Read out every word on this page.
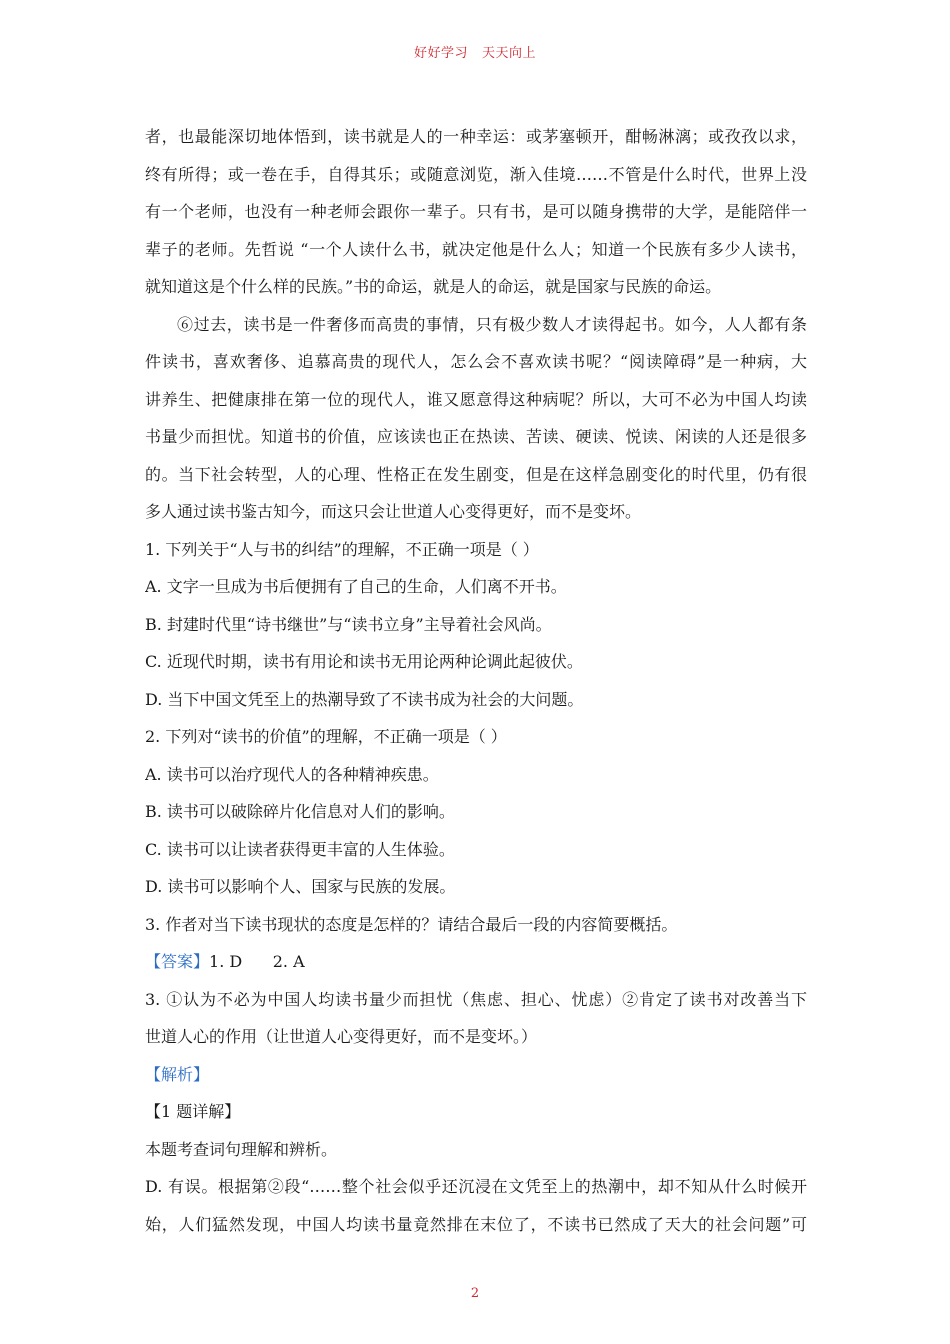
好好学习 天天向上
者，也最能深切地体悟到，读书就是人的一种幸运：或茅塞顿开，酣畅淋漓；或孜孜以求，
终有所得；或一卷在手，自得其乐；或随意浏览，渐入佳境……不管是什么时代，世界上没
有一个老师，也没有一种老师会跟你一辈子。只有书，是可以随身携带的大学，是能陪伴一
辈子的老师。先哲说 “一个人读什么书，就决定他是什么人；知道一个民族有多少人读书，
就知道这是个什么样的民族。”书的命运，就是人的命运，就是国家与民族的命运。
⑥过去，读书是一件奢侈而高贵的事情，只有极少数人才读得起书。如今，人人都有条
件读书，喜欢奢侈、追慕高贵的现代人，怎么会不喜欢读书呢？“阅读障碍”是一种病，大
讲养生、把健康排在第一位的现代人，谁又愿意得这种病呢？所以，大可不必为中国人均读
书量少而担忧。知道书的价值，应该读也正在热读、苦读、硬读、悦读、闲读的人还是很多
的。当下社会转型，人的心理、性格正在发生剧变，但是在这样急剧变化的时代里，仍有很
多人通过读书鉴古知今，而这只会让世道人心变得更好，而不是变坏。
1. 下列关于“人与书的纠结”的理解，不正确一项是（ ）
A. 文字一旦成为书后便拥有了自己的生命，人们离不开书。
B. 封建时代里“诗书继世”与“读书立身”主导着社会风尚。
C. 近现代时期，读书有用论和读书无用论两种论调此起彼伏。
D. 当下中国文凭至上的热潮导致了不读书成为社会的大问题。
2. 下列对“读书的价值”的理解，不正确一项是（ ）
A. 读书可以治疗现代人的各种精神疾患。
B. 读书可以破除碎片化信息对人们的影响。
C. 读书可以让读者获得更丰富的人生体验。
D. 读书可以影响个人、国家与民族的发展。
3. 作者对当下读书现状的态度是怎样的？请结合最后一段的内容简要概括。
【答案】1. D      2. A
3. ①认为不必为中国人均读书量少而担忧（焦虑、担心、忧虑）②肯定了读书对改善当下
世道人心的作用（让世道人心变得更好，而不是变坏。）
【解析】
【1 题详解】
本题考查词句理解和辨析。
D. 有误。根据第②段“……整个社会似乎还沉浸在文凭至上的热潮中，却不知从什么时候开
始，人们猛然发现，中国人均读书量竟然排在末位了，不读书已然成了天大的社会问题”可
2
